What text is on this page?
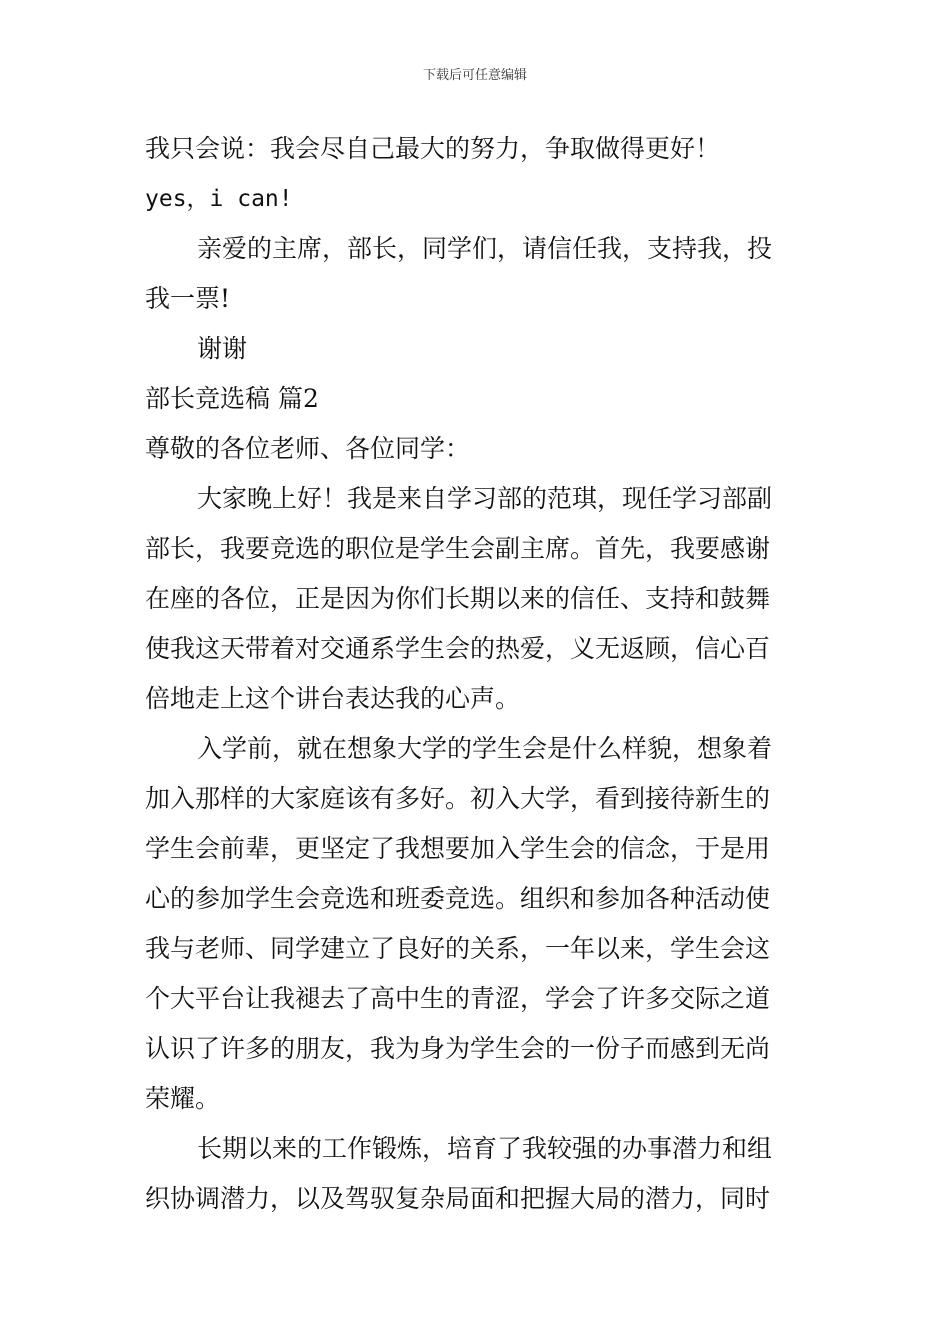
下载后可任意编辑

我只会说：我会尽自己最大的努力，争取做得更好！

yes，i can!

亲爱的主席，部长，同学们，请信任我，支持我，投

我一票!

谢谢

部长竞选稿 篇2

尊敬的各位老师、各位同学：

大家晚上好！我是来自学习部的范琪，现任学习部副

部长，我要竞选的职位是学生会副主席。首先，我要感谢

在座的各位，正是因为你们长期以来的信任、支持和鼓舞

使我这天带着对交通系学生会的热爱，义无返顾，信心百

倍地走上这个讲台表达我的心声。

入学前，就在想象大学的学生会是什么样貌，想象着

加入那样的大家庭该有多好。初入大学，看到接待新生的

学生会前辈，更坚定了我想要加入学生会的信念，于是用

心的参加学生会竞选和班委竞选。组织和参加各种活动使

我与老师、同学建立了良好的关系，一年以来，学生会这

个大平台让我褪去了高中生的青涩，学会了许多交际之道

认识了许多的朋友，我为身为学生会的一份子而感到无尚

荣耀。

长期以来的工作锻炼，培育了我较强的办事潜力和组

织协调潜力，以及驾驭复杂局面和把握大局的潜力，同时
